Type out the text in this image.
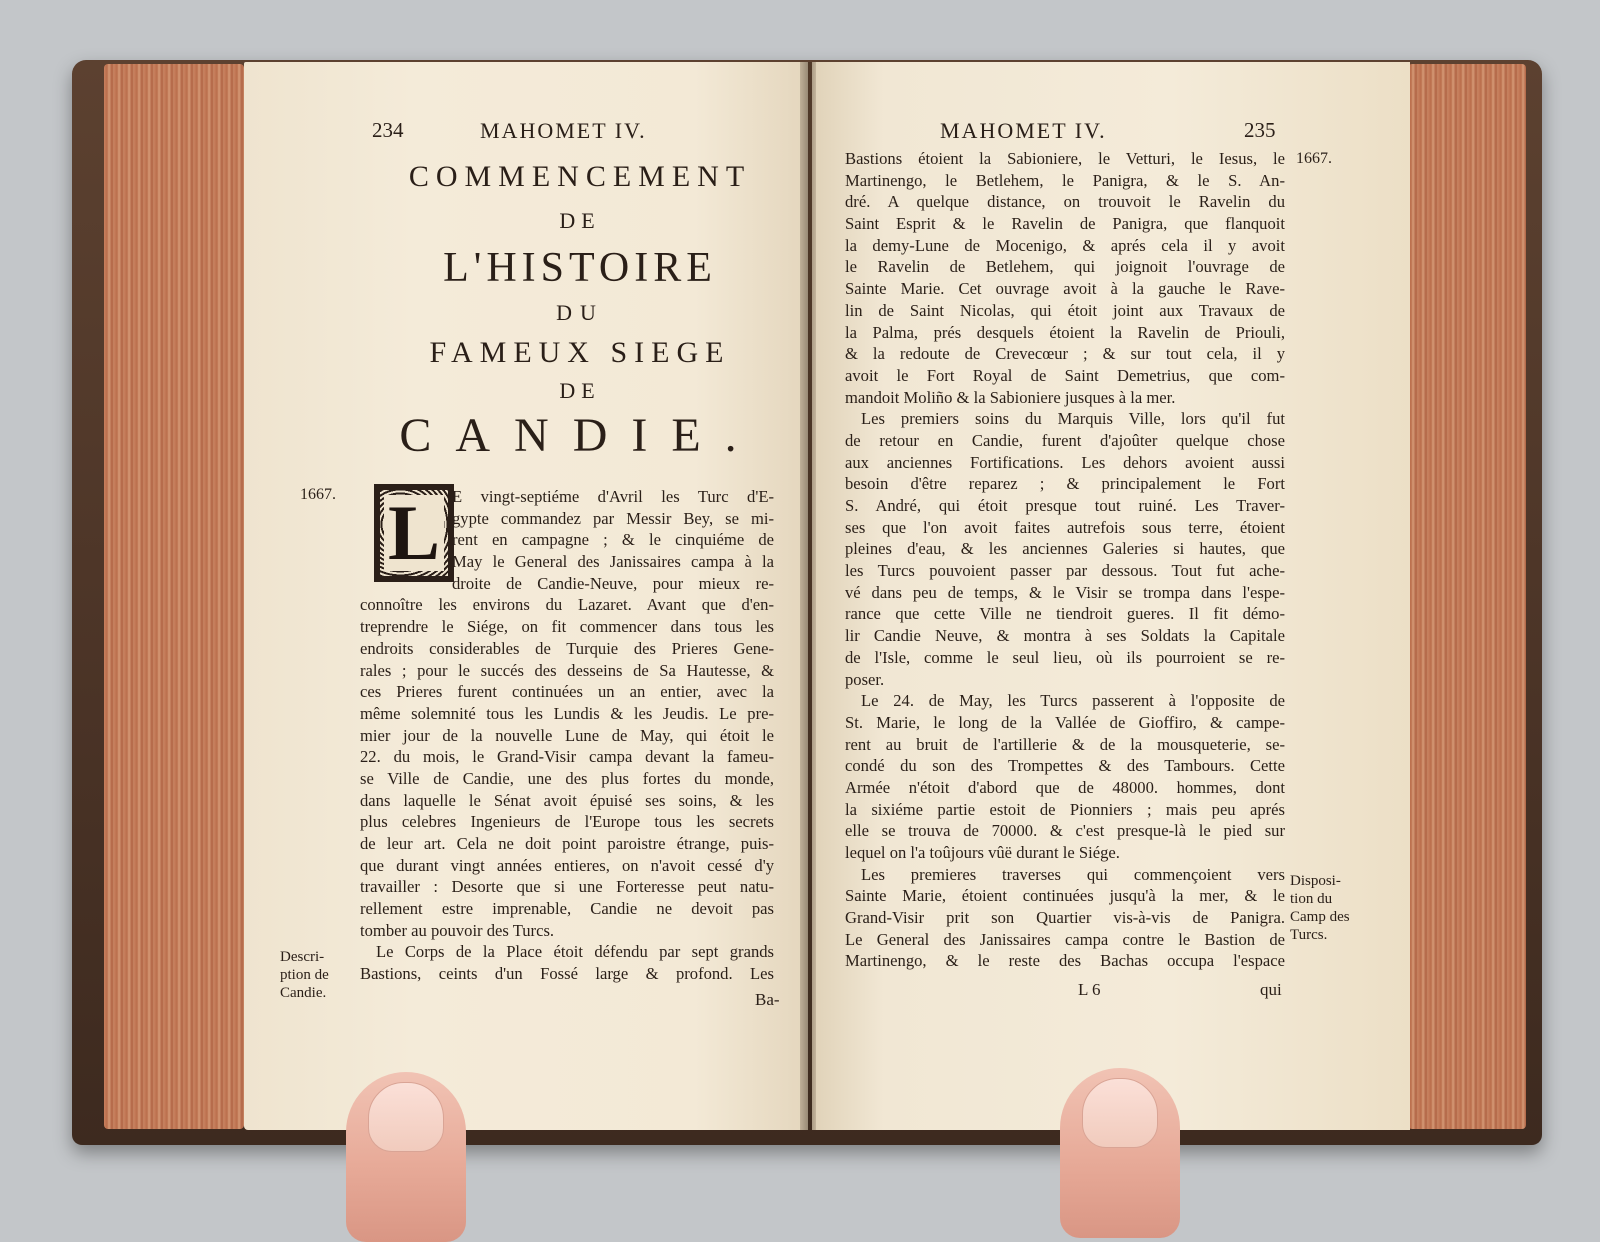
234	MAHOMET IV.
COMMENCEMENT
DE
L'HISTOIRE
DU
FAMEUX SIEGE
DE
CANDIE.
1667. L E vingt-septiéme d'Avril les Turc d'E-
gypte commandez par Messir Bey, se mi-
rent en campagne ; & le cinquiéme de
May le General des Janissaires campa à la
droite de Candie-Neuve, pour mieux re-
connoître les environs du Lazaret. Avant que d'en-
treprendre le Siége, on fit commencer dans tous les
endroits considerables de Turquie des Prieres Gene-
rales ; pour le succés des desseins de Sa Hautesse, &
ces Prieres furent continuées un an entier, avec la
même solemnité tous les Lundis & les Jeudis. Le pre-
mier jour de la nouvelle Lune de May, qui étoit le
22. du mois, le Grand-Visir campa devant la fameu-
se Ville de Candie, une des plus fortes du monde,
dans laquelle le Sénat avoit épuisé ses soins, & les
plus celebres Ingenieurs de l'Europe tous les secrets
de leur art. Cela ne doit point paroistre étrange, puis-
que durant vingt années entieres, on n'avoit cessé d'y
travailler : Desorte que si une Forteresse peut natu-
rellement estre imprenable, Candie ne devoit pas
tomber au pouvoir des Turcs.
Le Corps de la Place étoit défendu par sept grands
Bastions, ceints d'un Fossé large & profond. Les
Ba-
Descri-
ption de
Candie.
MAHOMET IV.	235
1667.
Bastions étoient la Sabioniere, le Vetturi, le Iesus, le
Martinengo, le Betlehem, le Panigra, & le S. An-
dré. A quelque distance, on trouvoit le Ravelin du
Saint Esprit & le Ravelin de Panigra, que flanquoit
la demy-Lune de Mocenigo, & aprés cela il y avoit
le Ravelin de Betlehem, qui joignoit l'ouvrage de
Sainte Marie. Cet ouvrage avoit à la gauche le Rave-
lin de Saint Nicolas, qui étoit joint aux Travaux de
la Palma, prés desquels étoient la Ravelin de Priouli,
& la redoute de Crevecœur ; & sur tout cela, il y
avoit le Fort Royal de Saint Demetrius, que com-
mandoit Moliño & la Sabioniere jusques à la mer.
Les premiers soins du Marquis Ville, lors qu'il fut
de retour en Candie, furent d'ajoûter quelque chose
aux anciennes Fortifications. Les dehors avoient aussi
besoin d'être reparez ; & principalement le Fort
S. André, qui étoit presque tout ruiné. Les Traver-
ses que l'on avoit faites autrefois sous terre, étoient
pleines d'eau, & les anciennes Galeries si hautes, que
les Turcs pouvoient passer par dessous. Tout fut ache-
vé dans peu de temps, & le Visir se trompa dans l'espe-
rance que cette Ville ne tiendroit gueres. Il fit démo-
lir Candie Neuve, & montra à ses Soldats la Capitale
de l'Isle, comme le seul lieu, où ils pourroient se re-
poser.
Le 24. de May, les Turcs passerent à l'opposite de
St. Marie, le long de la Vallée de Gioffiro, & campe-
rent au bruit de l'artillerie & de la mousqueterie, se-
condé du son des Trompettes & des Tambours. Cette
Armée n'étoit d'abord que de 48000. hommes, dont
la sixiéme partie estoit de Pionniers ; mais peu aprés
elle se trouva de 70000. & c'est presque-là le pied sur
lequel on l'a toûjours vûë durant le Siége.
Les premieres traverses qui commençoient vers
Sainte Marie, étoient continuées jusqu'à la mer, & le
Grand-Visir prit son Quartier vis-à-vis de Panigra.
Le General des Janissaires campa contre le Bastion de
Martinengo, & le reste des Bachas occupa l'espace
L 6	qui
Disposi-
tion du
Camp des
Turcs.
